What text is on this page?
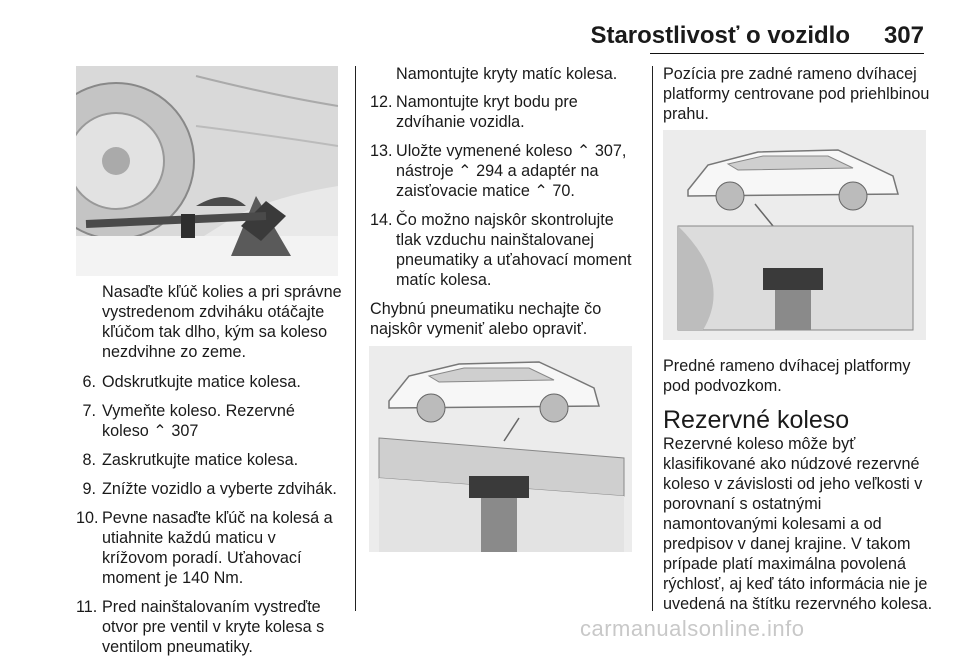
Starostlivosť o vozidlo 307
Nasaďte kľúč kolies a pri správne vystredenom zdviháku otáčajte kľúčom tak dlho, kým sa koleso nezdvihne zo zeme.
6. Odskrutkujte matice kolesa.
7. Vymeňte koleso. Rezervné koleso ⌃ 307
8. Zaskrutkujte matice kolesa.
9. Znížte vozidlo a vyberte zdvihák.
10. Pevne nasaďte kľúč na kolesá a utiahnite každú maticu v krížovom poradí. Uťahovací moment je 140 Nm.
11. Pred nainštalovaním vystreďte otvor pre ventil v kryte kolesa s ventilom pneumatiky.
Namontujte kryty matíc kolesa.
12. Namontujte kryt bodu pre zdvíhanie vozidla.
13. Uložte vymenené koleso ⌃ 307, nástroje ⌃ 294 a adaptér na zaisťovacie matice ⌃ 70.
14. Čo možno najskôr skontrolujte tlak vzduchu nainštalovanej pneumatiky a uťahovací moment matíc kolesa.
Chybnú pneumatiku nechajte čo najskôr vymeniť alebo opraviť.
Pozícia pre zadné rameno dvíhacej platformy centrovane pod priehlbinou prahu.
Predné rameno dvíhacej platformy pod podvozkom.
Rezervné koleso
Rezervné koleso môže byť klasifikované ako núdzové rezervné koleso v závislosti od jeho veľkosti v porovnaní s ostatnými namontovanými kolesami a od predpisov v danej krajine. V takom prípade platí maximálna povolená rýchlosť, aj keď táto informácia nie je uvedená na štítku rezervného kolesa.
carmanualsonline.info
